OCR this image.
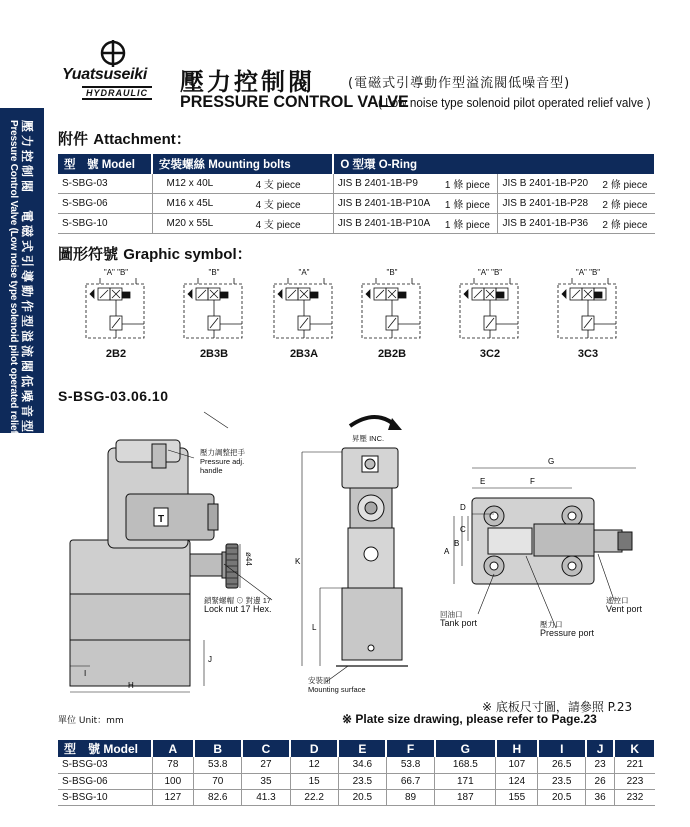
壓力控制閥　電磁式引導動作型溢流閥低噪音型
Pressure Control Valve (Low noise type solenoid pilot operated relief valve)
Yuatsuseiki
HYDRAULIC 壓力控制閥	(電磁式引導動作型溢流閥低噪音型)
PRESSURE CONTROL VALVE
( Low noise type solenoid pilot operated relief valve )
附件 Attachment：
型　號 Model	安裝螺絲 Mounting bolts		O 型環 O-Ring			
S-SBG-03	M12 x 40L	4 支 piece	JIS B 2401-1B-P9	1 條 piece	JIS B 2401-1B-P20	2 條 piece
S-SBG-06	M16 x 45L	4 支 piece	JIS B 2401-1B-P10A	1 條 piece	JIS B 2401-1B-P28	2 條 piece
S-SBG-10	M20 x 55L	4 支 piece	JIS B 2401-1B-P10A	1 條 piece	JIS B 2401-1B-P36	2 條 piece
圖形符號 Graphic symbol：
"A" "B"
2B2
"B"
2B3B
"A"
2B3A
"B"
2B2B
"A" "B"
3C2
"A" "B"
3C3
S-BSG-03.06.10
T
H
I
J
K
L
G
E	F
A
B
C
D
壓力調整把手
Pressure adj.
handle
ø44
鎖緊螺帽 ⊙ 對邊 17
Lock nut 17 Hex.
昇壓 INC.
安裝面
Mounting surface
回油口
Tank port	壓力口
Pressure port
遙控口
Vent port
※ 底板尺寸圖，請參照 P.23
單位 Unit：mm	※ Plate size drawing, please refer to Page.23
型　號 Model	A	B	C	D	E	F	G	H	I	J	K
S-BSG-03	78	53.8	27	12	34.6	53.8	168.5	107	26.5	23	221
S-BSG-06	100	70	35	15	23.5	66.7	171	124	23.5	26	223
S-BSG-10	127	82.6	41.3	22.2	20.5	89	187	155	20.5	36	232
